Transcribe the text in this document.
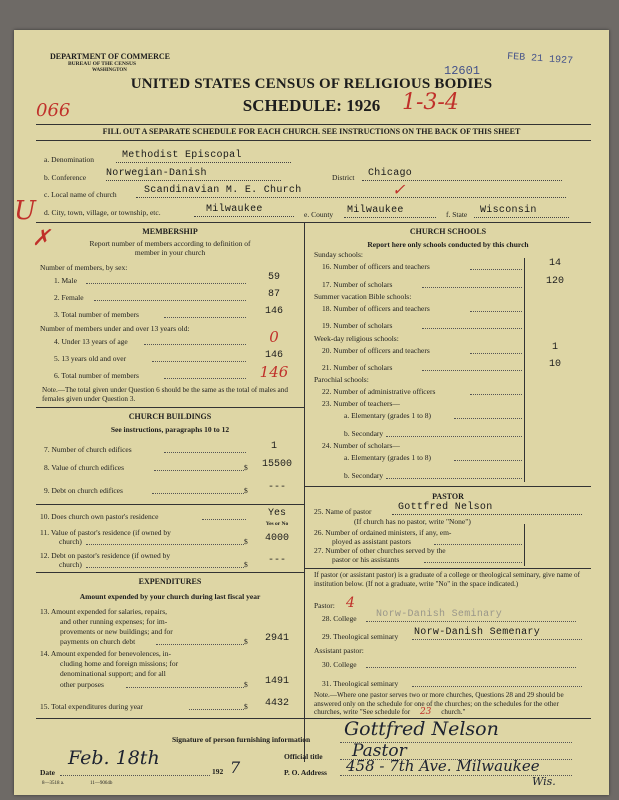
DEPARTMENT OF COMMERCE
BUREAU OF THE CENSUS
WASHINGTON	12601
FEB 21 1927
UNITED STATES CENSUS OF RELIGIOUS BODIES
SCHEDULE: 1926
066	1-3-4
FILL OUT A SEPARATE SCHEDULE FOR EACH CHURCH. SEE INSTRUCTIONS ON THE BACK OF THIS SHEET
a. Denomination	Methodist Episcopal
b. Conference Norwegian-Danish	District Chicago
c. Local name of church	Scandinavian M. E. Church	✓
d. City, town, village, or township, etc.	Milwaukee	e. County Milwaukee	f. State Wisconsin
U
✗	MEMBERSHIP
Report number of members according to definition of
member in your church
Number of members, by sex:
1. Male	59
2. Female	87
3. Total number of members	146
Number of members under and over 13 years old:
4. Under 13 years of age	0
5. 13 years old and over	146
6. Total number of members	146
Note.—The total given under Question 6 should be the same as the total of males and females given under Question 3.
CHURCH BUILDINGS
See instructions, paragraphs 10 to 12
7. Number of church edifices	1
8. Value of church edifices	$	15500
9. Debt on church edifices	$	---
10. Does church own pastor's residence	Yes
Yes or No
11. Value of pastor's residence (if owned by
church)	$	4000
12. Debt on pastor's residence (if owned by
church)	$	---
EXPENDITURES
Amount expended by your church during last fiscal year
13. Amount expended for salaries, repairs,
and other running expenses; for im-
provements or new buildings; and for
payments on church debt	$	2941
14. Amount expended for benevolences, in-
cluding home and foreign missions; for
denominational support; and for all
other purposes	$	1491
15. Total expenditures during year	$	4432
CHURCH SCHOOLS
Report here only schools conducted by this church
Sunday schools:
16. Number of officers and teachers	14
17. Number of scholars	120
Summer vacation Bible schools:
18. Number of officers and teachers
19. Number of scholars
Week-day religious schools:
20. Number of officers and teachers	1
21. Number of scholars	10
Parochial schools:
22. Number of administrative officers
23. Number of teachers—
a. Elementary (grades 1 to 8)
b. Secondary
24. Number of scholars—
a. Elementary (grades 1 to 8)
b. Secondary
PASTOR
25. Name of pastor	Gottfred Nelson
(If church has no pastor, write "None")
26. Number of ordained ministers, if any, em-
ployed as assistant pastors
27. Number of other churches served by the
pastor or his assistants
If pastor (or assistant pastor) is a graduate of a college or theological seminary, give name of institution below. (If not a graduate, write "No" in the space indicated.)
Pastor: 4
28. College Norw-Danish Seminary
29. Theological seminary Norw-Danish Semenary
Assistant pastor:
30. College
31. Theological seminary
Note.—Where one pastor serves two or more churches, Questions 28 and 29 should be answered only on the schedule for one of the churches; on the schedules for the other churches, write "See schedule for 23 church."
Signature of person furnishing information Gottfred Nelson
Official title Pastor
P. O. Address 458 - 7th Ave. Milwaukee
Wis.
Date
Feb. 18th
192 7
8—3518 a.	11—9064b
